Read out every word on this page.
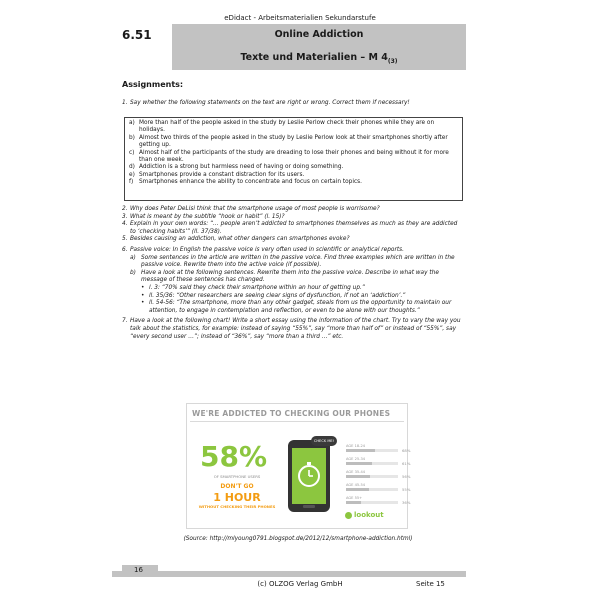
eDidact - Arbeitsmaterialien Sekundarstufe
6.51	Online Addiction
Texte und Materialien – M $4_{(3)}$
Assignments:
1. Say whether the following statements on the text are right or wrong. Correct them if necessary!
a) More than half of the people asked in the study by Leslie Perlow check their phones while they are on holidays.
b) Almost two thirds of the people asked in the study by Leslie Perlow look at their smartphones shortly after getting up.
c) Almost half of the participants of the study are dreading to lose their phones and being without it for more than one week.
d) Addiction is a strong but harmless need of having or doing something.
e) Smartphones provide a constant distraction for its users.
f) Smartphones enhance the ability to concentrate and focus on certain topics.
2. Why does Peter DeLisi think that the smartphone usage of most people is worrisome?
3. What is meant by the subtitle “hook or habit” (l. 15)?
4. Explain in your own words: “… people aren’t addicted to smartphones themselves as much as they are addicted to ‘checking habits’” (ll. 37/38).
5. Besides causing an addiction, what other dangers can smartphones evoke?
6. Passive voice: In English the passive voice is very often used in scientific or analytical reports.
a) Some sentences in the article are written in the passive voice. Find three examples which are written in the passive voice. Rewrite them into the active voice (if possible).
b) Have a look at the following sentences. Rewrite them into the passive voice. Describe in what way the message of these sentences has changed.
• l. 3: “70% said they check their smartphone within an hour of getting up.”
• ll. 35/36: “Other researchers are seeing clear signs of dysfunction, if not an ‘addiction’.”
• ll. 54-56: “The smartphone, more than any other gadget, steals from us the opportunity to maintain our attention, to engage in contemplation and reflection, or even to be alone with our thoughts.”
7. Have a look at the following chart! Write a short essay using the information of the chart. Try to vary the way you talk about the statistics, for example: instead of saying “55%”, say “more than half of” or instead of “55%”, say “every second user …”; instead of “36%”, say “more than a third …” etc.
WE'RE ADDICTED TO CHECKING OUR PHONES
58%
OF SMARTPHONE USERS
DON'T GO
1 HOUR
WITHOUT CHECKING THEIR PHONES
CHECK ME!
AGE 18-24
68%
AGE 25-34
61%
AGE 35-44
56%
AGE 45-54
55%
AGE 55+
36%
lookout
(Source: http://mlyoung0791.blogspot.de/2012/12/smartphone-addiction.html)
16
(c) OLZOG Verlag GmbH	Seite 15
